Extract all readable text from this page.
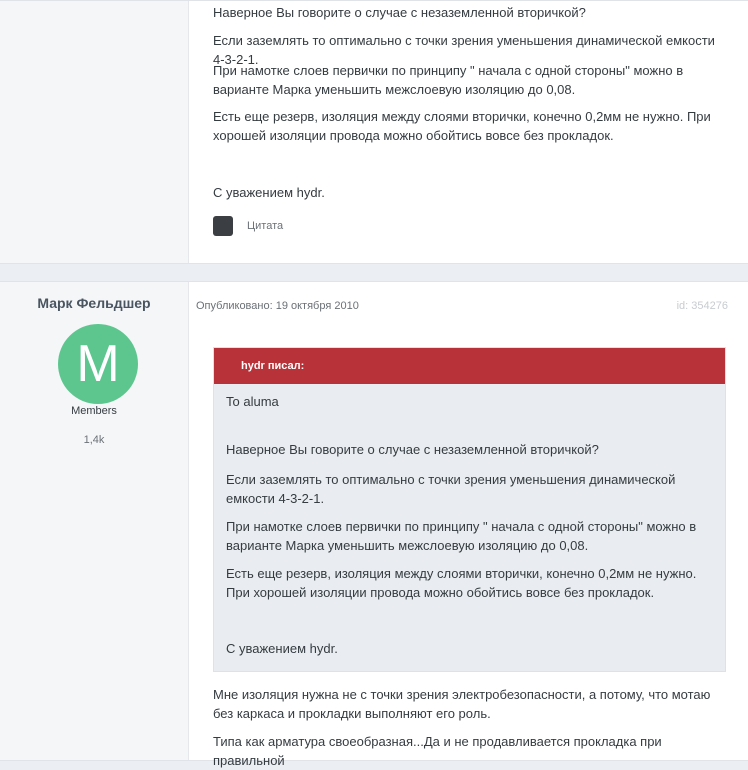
Наверное Вы говорите о случае с незаземленной вторичкой?

Если заземлять то оптимально с точки зрения уменьшения динамической емкости 4-3-2-1.

При намотке слоев первички по принципу " начала с одной стороны" можно в варианте Марка уменьшить межслоевую изоляцию до 0,08.

Есть еще резерв, изоляция между слоями вторички, конечно 0,2мм не нужно. При хорошей изоляции провода можно обойтись вовсе без прокладок.

С уважением hydr.

Цитата
Марк Фельдшер
M
Members
1,4k
Опубликовано: 19 октября 2010	id: 354276
hydr писал:

To aluma

Наверное Вы говорите о случае с незаземленной вторичкой?

Если заземлять то оптимально с точки зрения уменьшения динамической емкости 4-3-2-1.

При намотке слоев первички по принципу " начала с одной стороны" можно в варианте Марка уменьшить межслоевую изоляцию до 0,08.

Есть еще резерв, изоляция между слоями вторички, конечно 0,2мм не нужно. При хорошей изоляции провода можно обойтись вовсе без прокладок.

С уважением hydr.

Мне изоляция нужна не с точки зрения электробезопасности, а потому, что мотаю без каркаса и прокладки выполняют его роль.

Типа как арматура своеобразная...Да и не продавливается прокладка при правильной
